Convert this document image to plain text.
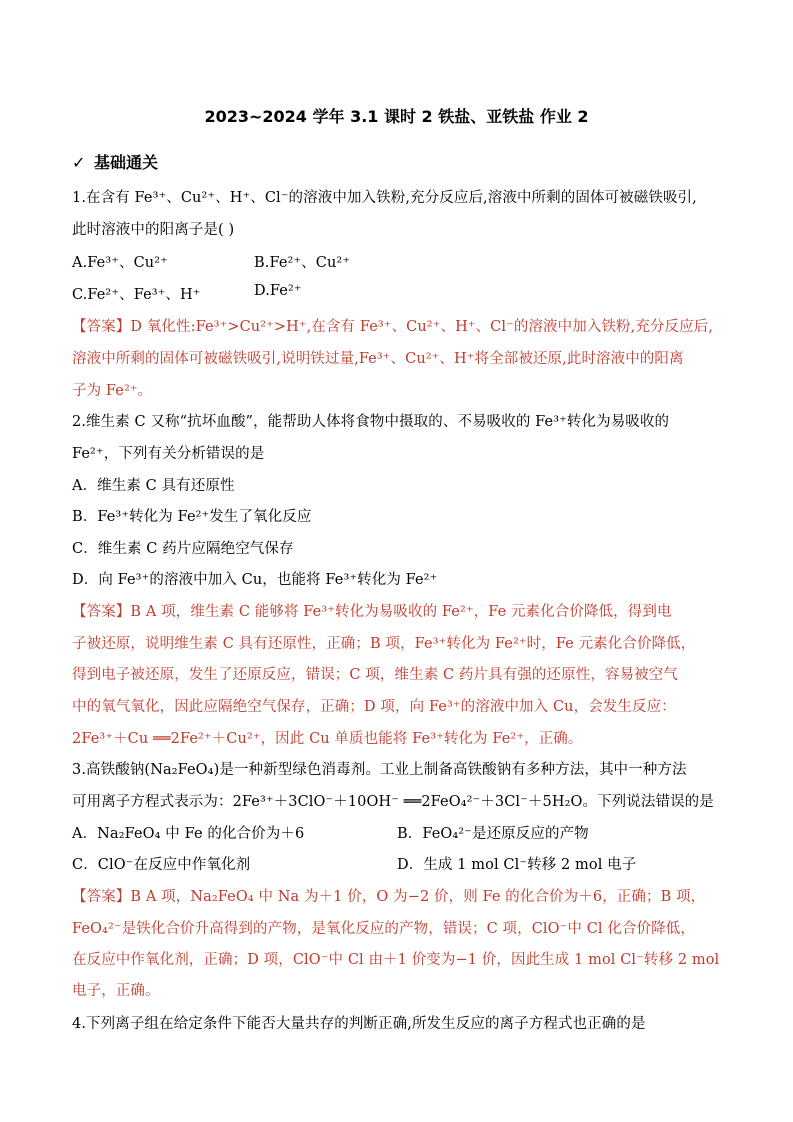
2023~2024 学年 3.1 课时 2 铁盐、亚铁盐 作业 2
✓ 基础通关
1.在含有 Fe³⁺、Cu²⁺、H⁺、Cl⁻的溶液中加入铁粉,充分反应后,溶液中所剩的固体可被磁铁吸引,
此时溶液中的阳离子是( )
A.Fe³⁺、Cu²⁺	B.Fe²⁺、Cu²⁺
C.Fe²⁺、Fe³⁺、H⁺	D.Fe²⁺
【答案】D 氧化性:Fe³⁺>Cu²⁺>H⁺,在含有 Fe³⁺、Cu²⁺、H⁺、Cl⁻的溶液中加入铁粉,充分反应后,
溶液中所剩的固体可被磁铁吸引,说明铁过量,Fe³⁺、Cu²⁺、H⁺将全部被还原,此时溶液中的阳离
子为 Fe²⁺。
2.维生素 C 又称“抗坏血酸”，能帮助人体将食物中摄取的、不易吸收的 Fe³⁺转化为易吸收的
Fe²⁺，下列有关分析错误的是
A．维生素 C 具有还原性
B．Fe³⁺转化为 Fe²⁺发生了氧化反应
C．维生素 C 药片应隔绝空气保存
D．向 Fe³⁺的溶液中加入 Cu，也能将 Fe³⁺转化为 Fe²⁺
【答案】B A 项，维生素 C 能够将 Fe³⁺转化为易吸收的 Fe²⁺，Fe 元素化合价降低，得到电
子被还原，说明维生素 C 具有还原性，正确；B 项，Fe³⁺转化为 Fe²⁺时，Fe 元素化合价降低，
得到电子被还原，发生了还原反应，错误；C 项，维生素 C 药片具有强的还原性，容易被空气
中的氧气氧化，因此应隔绝空气保存，正确；D 项，向 Fe³⁺的溶液中加入 Cu，会发生反应：
2Fe³⁺＋Cu ══2Fe²⁺＋Cu²⁺，因此 Cu 单质也能将 Fe³⁺转化为 Fe²⁺，正确。
3.高铁酸钠(Na₂FeO₄)是一种新型绿色消毒剂。工业上制备高铁酸钠有多种方法，其中一种方法
可用离子方程式表示为：2Fe³⁺＋3ClO⁻＋10OH⁻ ══2FeO₄²⁻＋3Cl⁻＋5H₂O。下列说法错误的是
A．Na₂FeO₄ 中 Fe 的化合价为＋6	B．FeO₄²⁻是还原反应的产物
C．ClO⁻在反应中作氧化剂	D．生成 1 mol Cl⁻转移 2 mol 电子
【答案】B A 项，Na₂FeO₄ 中 Na 为＋1 价，O 为−2 价，则 Fe 的化合价为＋6，正确；B 项，
FeO₄²⁻是铁化合价升高得到的产物，是氧化反应的产物，错误；C 项，ClO⁻中 Cl 化合价降低，
在反应中作氧化剂，正确；D 项，ClO⁻中 Cl 由＋1 价变为−1 价，因此生成 1 mol Cl⁻转移 2 mol
电子，正确。
4.下列离子组在给定条件下能否大量共存的判断正确,所发生反应的离子方程式也正确的是
